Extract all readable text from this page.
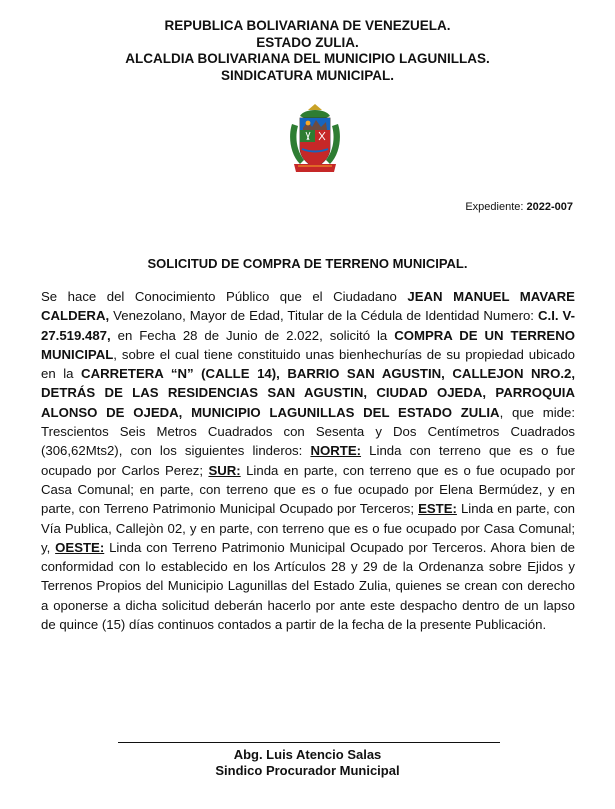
REPUBLICA BOLIVARIANA DE VENEZUELA.
ESTADO ZULIA.
ALCALDIA BOLIVARIANA DEL MUNICIPIO LAGUNILLAS.
SINDICATURA MUNICIPAL.
Expediente: 2022-007
SOLICITUD DE COMPRA DE TERRENO MUNICIPAL.
Se hace del Conocimiento Público que el Ciudadano JEAN MANUEL MAVARE CALDERA, Venezolano, Mayor de Edad, Titular de la Cédula de Identidad Numero: C.I. V-27.519.487, en Fecha 28 de Junio de 2.022, solicitó la COMPRA DE UN TERRENO MUNICIPAL, sobre el cual tiene constituido unas bienhechurías de su propiedad ubicado en la CARRETERA “N” (CALLE 14), BARRIO SAN AGUSTIN, CALLEJON NRO.2, DETRÁS DE LAS RESIDENCIAS SAN AGUSTIN, CIUDAD OJEDA, PARROQUIA ALONSO DE OJEDA, MUNICIPIO LAGUNILLAS DEL ESTADO ZULIA, que mide: Trescientos Seis Metros Cuadrados con Sesenta y Dos Centímetros Cuadrados (306,62Mts2), con los siguientes linderos: NORTE: Linda con terreno que es o fue ocupado por Carlos Perez; SUR: Linda en parte, con terreno que es o fue ocupado por Casa Comunal; en parte, con terreno que es o fue ocupado por Elena Bermúdez, y en parte, con Terreno Patrimonio Municipal Ocupado por Terceros; ESTE: Linda en parte, con Vía Publica, Callejòn 02, y en parte, con terreno que es o fue ocupado por Casa Comunal; y, OESTE: Linda con Terreno Patrimonio Municipal Ocupado por Terceros. Ahora bien de conformidad con lo establecido en los Artículos 28 y 29 de la Ordenanza sobre Ejidos y Terrenos Propios del Municipio Lagunillas del Estado Zulia, quienes se crean con derecho a oponerse a dicha solicitud deberán hacerlo por ante este despacho dentro de un lapso de quince (15) días continuos contados a partir de la fecha de la presente Publicación.
Abg. Luis Atencio Salas
Sindico Procurador Municipal
